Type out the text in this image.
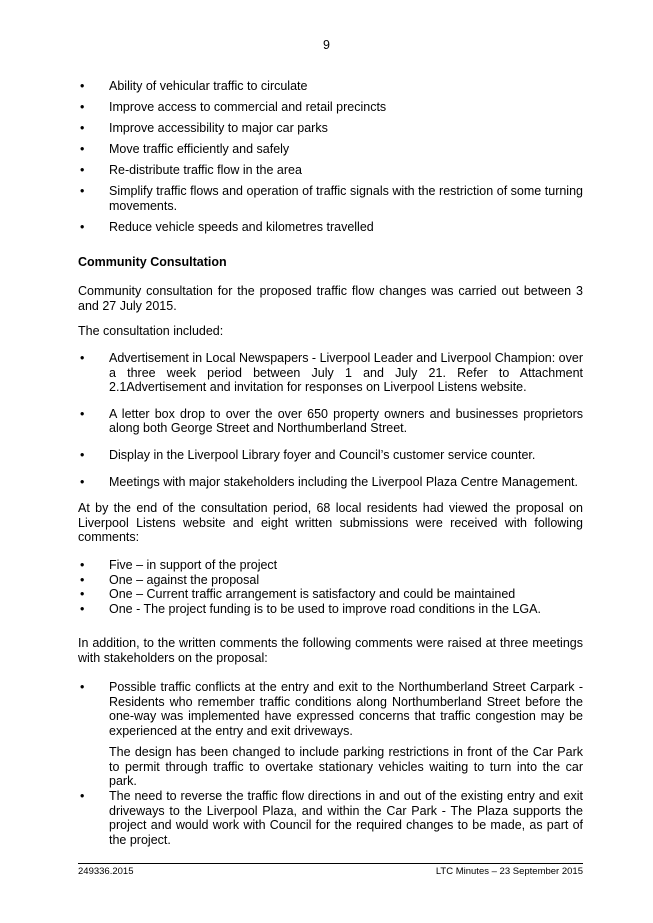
9
• Ability of vehicular traffic to circulate
• Improve access to commercial and retail precincts
• Improve accessibility to major car parks
• Move traffic efficiently and safely
• Re-distribute traffic flow in the area
• Simplify traffic flows and operation of traffic signals with the restriction of some turning movements.
• Reduce vehicle speeds and kilometres travelled

Community Consultation

Community consultation for the proposed traffic flow changes was carried out between 3 and 27 July 2015.

The consultation included:

• Advertisement in Local Newspapers - Liverpool Leader and Liverpool Champion: over a three week period between July 1 and July 21. Refer to Attachment 2.1Advertisement and invitation for responses on Liverpool Listens website.
• A letter box drop to over the over 650 property owners and businesses proprietors along both George Street and Northumberland Street.
• Display in the Liverpool Library foyer and Council’s customer service counter.
• Meetings with major stakeholders including the Liverpool Plaza Centre Management.

At by the end of the consultation period, 68 local residents had viewed the proposal on Liverpool Listens website and eight written submissions were received with following comments:

• Five – in support of the project
• One – against the proposal
• One – Current traffic arrangement is satisfactory and could be maintained
• One - The project funding is to be used to improve road conditions in the LGA.

In addition, to the written comments the following comments were raised at three meetings with stakeholders on the proposal:

• Possible traffic conflicts at the entry and exit to the Northumberland Street Carpark - Residents who remember traffic conditions along Northumberland Street before the one-way was implemented have expressed concerns that traffic congestion may be experienced at the entry and exit driveways.

The design has been changed to include parking restrictions in front of the Car Park to permit through traffic to overtake stationary vehicles waiting to turn into the car park.

• The need to reverse the traffic flow directions in and out of the existing entry and exit driveways to the Liverpool Plaza, and within the Car Park - The Plaza supports the project and would work with Council for the required changes to be made, as part of the project.
249336.2015	LTC Minutes – 23 September 2015
